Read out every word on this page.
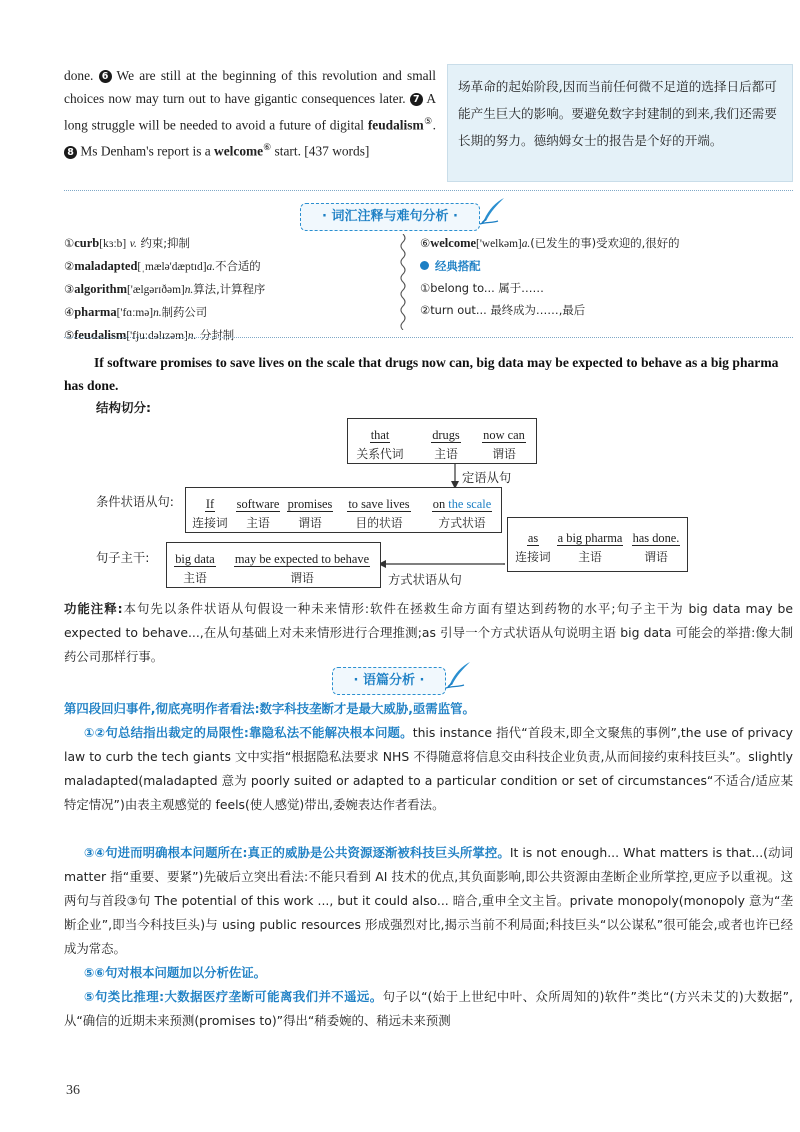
done. 6 We are still at the beginning of this revolution and small choices now may turn out to have gigantic consequences later. 7 A long struggle will be needed to avoid a future of digital feudalism⑤. 8 Ms Denham's report is a welcome⑥ start. [437 words]
场革命的起始阶段,因而当前任何微不足道的选择日后都可能产生巨大的影响。要避免数字封建制的到来,我们还需要长期的努力。德纳姆女士的报告是个好的开端。
· 词汇注释与难句分析 ·
①curb[kɜːb] v. 约束;抑制
②maladapted[ˌmælə'dæptɪd]a.不合适的
③algorithm['ælgərɪðəm]n.算法,计算程序
④pharma['fɑːmə]n.制药公司
⑤feudalism['fjuːdəlɪzəm]n. 分封制
⑥welcome['welkəm]a.(已发生的事)受欢迎的,很好的
经典搭配
①belong to... 属于……
②turn out... 最终成为……,最后
If software promises to save lives on the scale that drugs now can, big data may be expected to behave as a big pharma has done.
结构切分:
that
关系代词
drugs
主语
now can
谓语
定语从句
条件状语从句:	If
连接词
software
主语
promises
谓语
to save lives
目的状语
on the scale
方式状语
as
连接词
a big pharma
主语
has done.
谓语
句子主干:	big data
主语
may be expected to behave
谓语	方式状语从句
功能注释:本句先以条件状语从句假设一种未来情形:软件在拯救生命方面有望达到药物的水平;句子主干为 big data may be expected to behave...,在从句基础上对未来情形进行合理推测;as 引导一个方式状语从句说明主语 big data 可能会的举措:像大制药公司那样行事。
· 语篇分析 ·
第四段回归事件,彻底亮明作者看法:数字科技垄断才是最大威胁,亟需监管。
①②句总结指出裁定的局限性:靠隐私法不能解决根本问题。this instance 指代“首段末,即全文聚焦的事例”,the use of privacy law to curb the tech giants 文中实指“根据隐私法要求 NHS 不得随意将信息交由科技企业负责,从而间接约束科技巨头”。slightly maladapted(maladapted 意为 poorly suited or adapted to a particular condition or set of circumstances“不适合/适应某特定情况”)由表主观感觉的 feels(使人感觉)带出,委婉表达作者看法。
③④句进而明确根本问题所在:真正的威胁是公共资源逐渐被科技巨头所掌控。It is not enough... What matters is that...(动词 matter 指“重要、要紧”)先破后立突出看法:不能只看到 AI 技术的优点,其负面影响,即公共资源由垄断企业所掌控,更应予以重视。这两句与首段③句 The potential of this work ..., but it could also... 暗合,重申全文主旨。private monopoly(monopoly 意为“垄断企业”,即当今科技巨头)与 using public resources 形成强烈对比,揭示当前不利局面;科技巨头“以公谋私”很可能会,或者也许已经成为常态。
⑤⑥句对根本问题加以分析佐证。
⑤句类比推理:大数据医疗垄断可能离我们并不遥远。句子以“(始于上世纪中叶、众所周知的)软件”类比“(方兴未艾的)大数据”,从“确信的近期未来预测(promises to)”得出“稍委婉的、稍远未来预测
36
